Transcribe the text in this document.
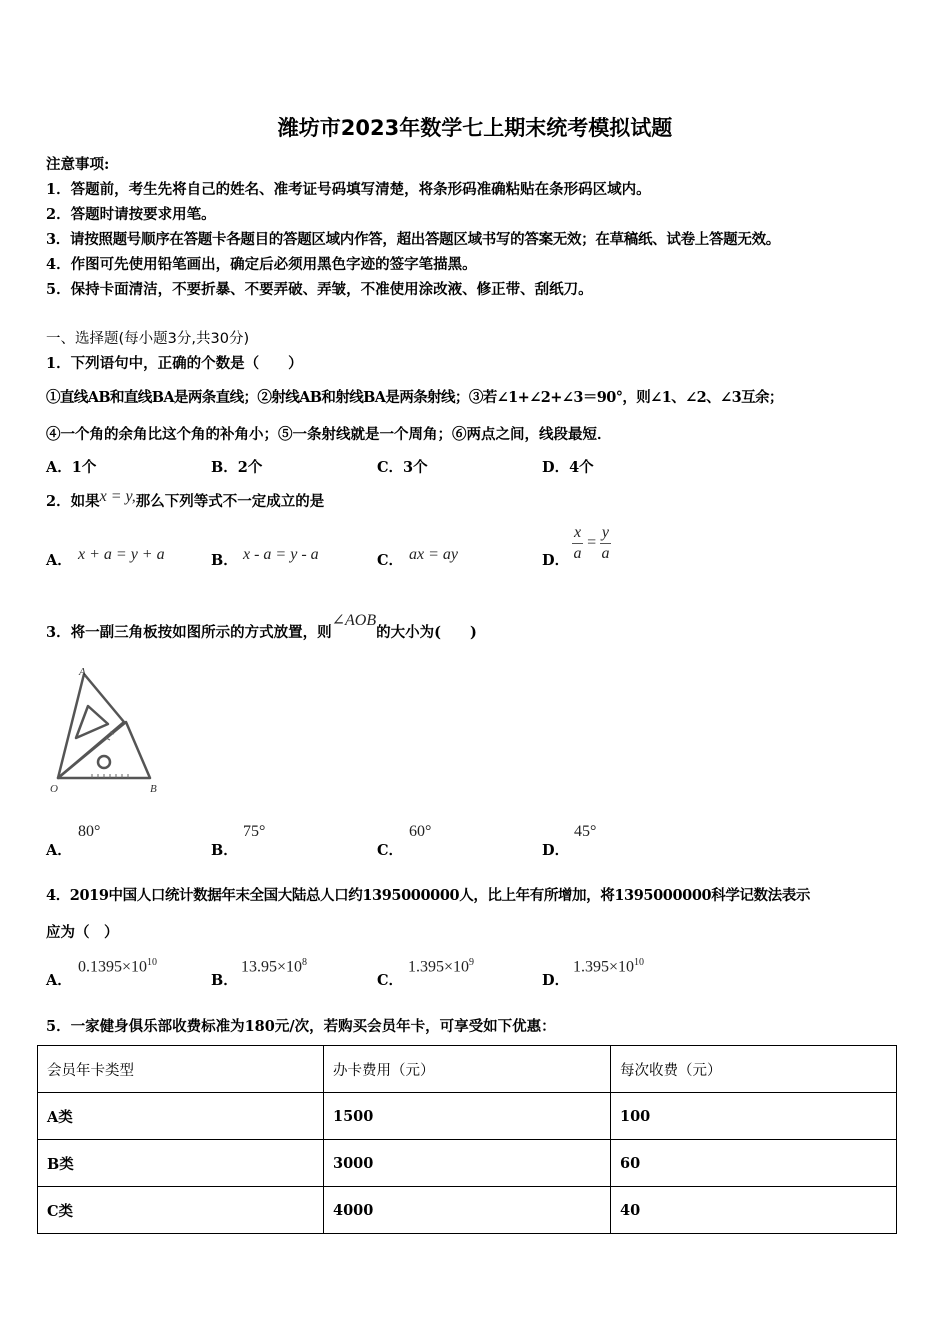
潍坊市2023年数学七上期末统考模拟试题
注意事项:
1．答题前，考生先将自己的姓名、准考证号码填写清楚，将条形码准确粘贴在条形码区域内。
2．答题时请按要求用笔。
3．请按照题号顺序在答题卡各题目的答题区域内作答，超出答题区域书写的答案无效；在草稿纸、试卷上答题无效。
4．作图可先使用铅笔画出，确定后必须用黑色字迹的签字笔描黑。
5．保持卡面清洁，不要折暴、不要弄破、弄皱，不准使用涂改液、修正带、刮纸刀。
一、选择题(每小题3分,共30分)
1．下列语句中，正确的个数是（　　）
①直线AB和直线BA是两条直线；②射线AB和射线BA是两条射线；③若∠1+∠2+∠3＝90°，则∠1、∠2、∠3互余；
④一个角的余角比这个角的补角小；⑤一条射线就是一个周角；⑥两点之间，线段最短．
A．1个	B．2个	C．3个	D．4个
2．如果x = y,那么下列等式不一定成立的是
A． x + a = y + a	B． x - a = y - a	C． ax = ay	D． $\frac{x}{a} = \frac{y}{a}$
3．将一副三角板按如图所示的方式放置，则∠AOB的大小为(　　)
A
O	B
A．
80°
B．
75°
C．
60°
D．
45°
4．2019中国人口统计数据年末全国大陆总人口约1395000000人，比上年有所增加，将1395000000科学记数法表示
应为（　）
A．
$0.1395\times 10^{10}$
B．
$13.95\times 10^8$
C．
$1.395\times 10^9$
D．
$1.395\times 10^{10}$
5．一家健身俱乐部收费标准为180元/次，若购买会员年卡，可享受如下优惠：
会员年卡类型	办卡费用（元）	每次收费（元）
A类	1500	100
B类	3000	60
C类	4000	40
